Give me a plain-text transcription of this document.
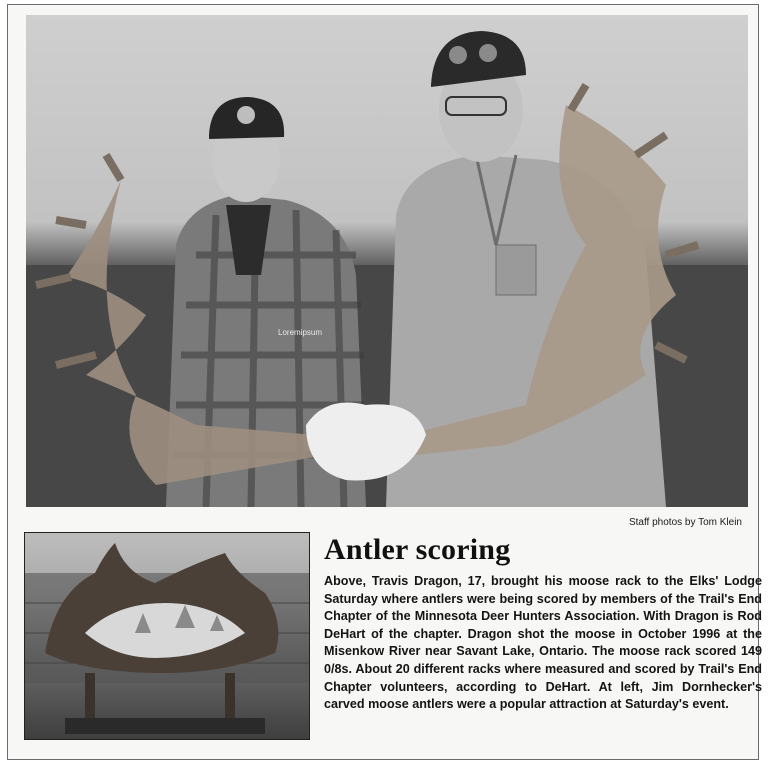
Loremipsum
Staff photos by Tom Klein
Antler scoring

Above, Travis Dragon, 17, brought his moose rack to the Elks' Lodge Saturday where antlers were being scored by members of the Trail's End Chapter of the Minnesota Deer Hunters Association. With Dragon is Rod DeHart of the chapter. Dragon shot the moose in October 1996 at the Misenkow River near Savant Lake, Ontario. The moose rack scored 149 0/8s. About 20 different racks where measured and scored by Trail's End Chapter volunteers, according to DeHart. At left, Jim Dornhecker's carved moose antlers were a popular attraction at Saturday's event.
